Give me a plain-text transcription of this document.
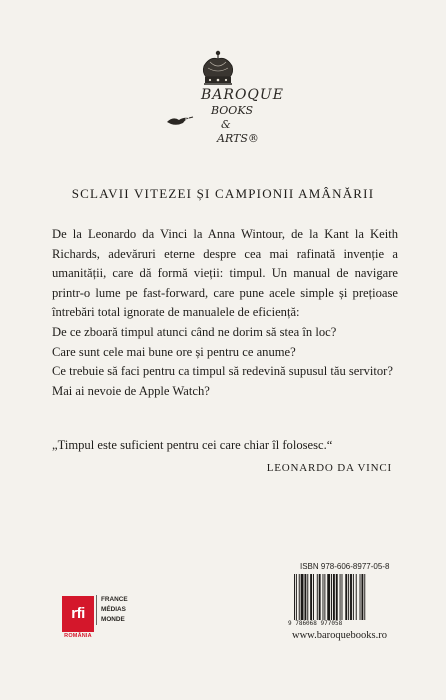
BAROQUE
BOOKS
&
ARTS®
SCLAVII VITEZEI ȘI CAMPIONII AMÂNĂRII

De la Leonardo da Vinci la Anna Wintour, de la Kant la Keith Richards, adevăruri eterne despre cea mai rafinată invenție a umanității, care dă formă vieții: timpul. Un manual de navigare printr-o lume pe fast-forward, care pune acele simple și prețioase întrebări total ignorate de manualele de eficiență:

De ce zboară timpul atunci când ne dorim să stea în loc?
Care sunt cele mai bune ore și pentru ce anume?
Ce trebuie să faci pentru ca timpul să redevină supusul tău servitor?
Mai ai nevoie de Apple Watch?
„Timpul este suficient pentru cei care chiar îl folosesc.“
LEONARDO DA VINCI
rfi
ROMÂNIA
FRANCE
MÉDIAS
MONDE
ISBN 978-606-8977-05-8
9 786068 977058
www.baroquebooks.ro
